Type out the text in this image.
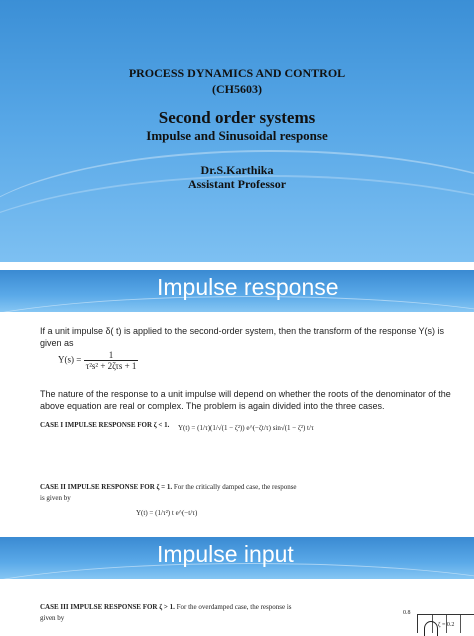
PROCESS DYNAMICS AND CONTROL
(CH5603)
Second order systems
Impulse and Sinusoidal response
Dr.S.Karthika
Assistant Professor
Impulse response
If a unit impulse δ( t) is applied to the second-order system, then the transform of the response Y(s) is given as
$Y(s) = \frac{1}{\text{τ²s² + 2ζτs + 1}}$
The nature of the response to a unit impulse will depend on whether the roots of the denominator of the above equation are real or complex. The problem is again divided into the three cases.
CASE I IMPULSE RESPONSE FOR ζ < 1. Y(t) = (1/τ)(1/√(1 − ζ²)) e^(−ζt/τ) sin√(1 − ζ²) t/τ
CASE II IMPULSE RESPONSE FOR ζ = 1. For the critically damped case, the response
is given by
Y(t) = (1/τ²) t e^(−t/τ)
Impulse input
CASE III IMPULSE RESPONSE FOR ζ > 1. For the overdamped case, the response is
given by
0.8
ζ = 0.2
